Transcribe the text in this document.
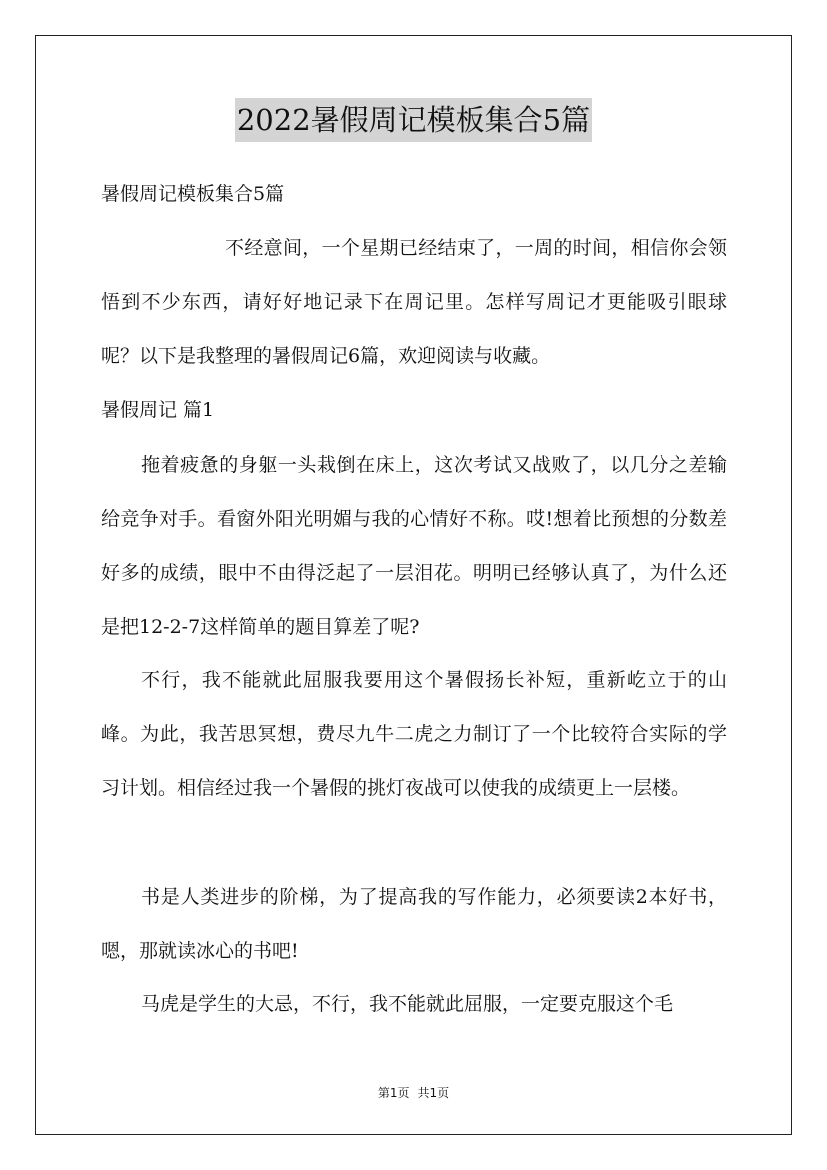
2022暑假周记模板集合5篇
暑假周记模板集合5篇

不经意间，一个星期已经结束了，一周的时间，相信你会领悟到不少东西，请好好地记录下在周记里。怎样写周记才更能吸引眼球呢？以下是我整理的暑假周记6篇，欢迎阅读与收藏。

暑假周记 篇1

拖着疲惫的身躯一头栽倒在床上，这次考试又战败了，以几分之差输给竞争对手。看窗外阳光明媚与我的心情好不称。哎!想着比预想的分数差好多的成绩，眼中不由得泛起了一层泪花。明明已经够认真了，为什么还是把12-2-7这样简单的题目算差了呢?

不行，我不能就此屈服我要用这个暑假扬长补短，重新屹立于的山峰。为此，我苦思冥想，费尽九牛二虎之力制订了一个比较符合实际的学习计划。相信经过我一个暑假的挑灯夜战可以使我的成绩更上一层楼。

书是人类进步的阶梯，为了提高我的写作能力，必须要读2本好书，嗯，那就读冰心的书吧!

马虎是学生的大忌，不行，我不能就此屈服，一定要克服这个毛

第1页 共1页
